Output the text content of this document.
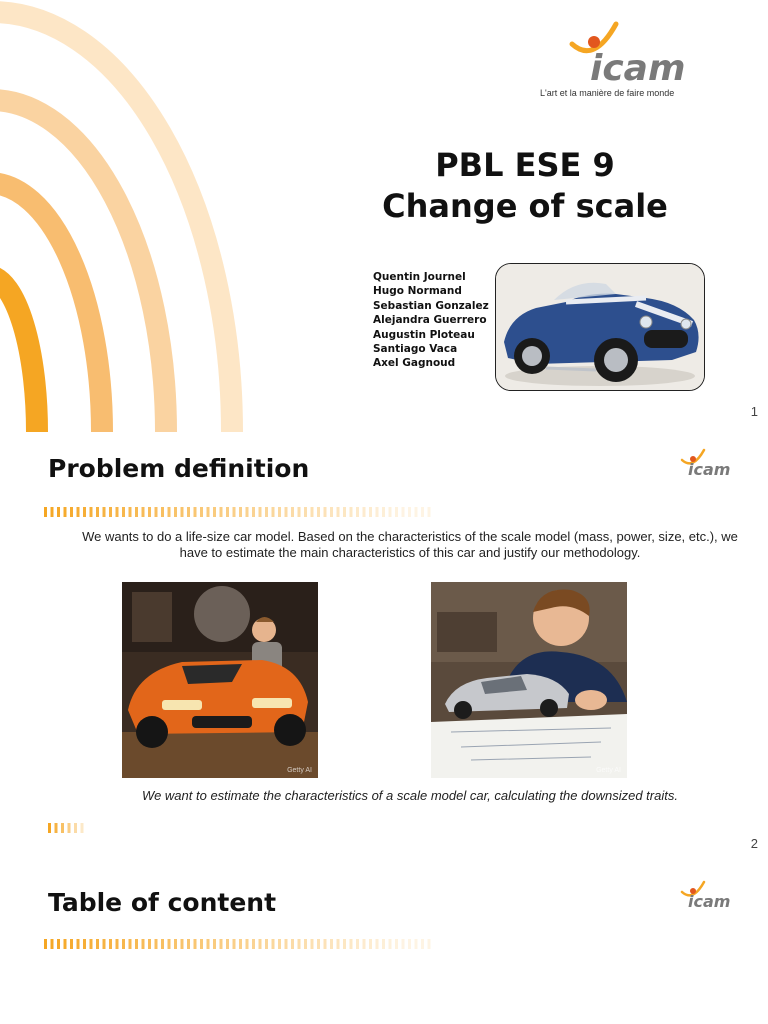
icam
L'art et la manière de faire monde
PBL ESE 9
Change of scale
Quentin Journel
Hugo Normand
Sebastian Gonzalez
Alejandra Guerrero
Augustin Ploteau
Santiago Vaca
Axel Gagnoud
1
Problem definition	icam
We wants to do a life-size car model. Based on the characteristics of the scale model (mass, power, size, etc.), we have to estimate the main characteristics of this car and justify our methodology.
Getty AI	Getty AI
We want to estimate the characteristics of a scale model car, calculating the downsized traits.
2
Table of content	icam
